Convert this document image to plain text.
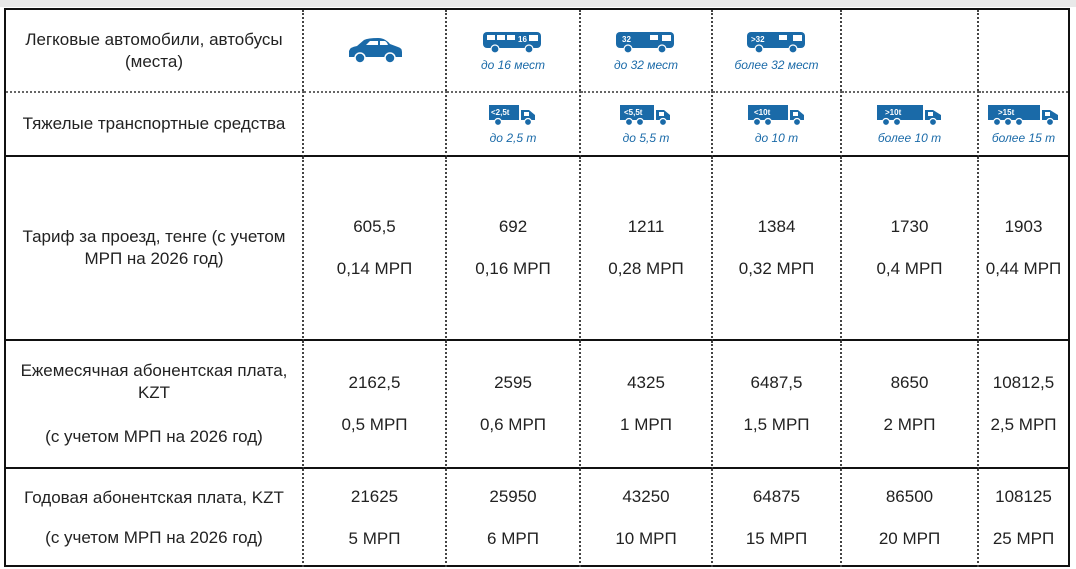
Легковые автомобили, автобусы (места)
16
до 16 мест
32
до 32 мест
>32
более 32 мест
Тяжелые транспортные средства
<2,5t
до 2,5 т
<5,5t
до 5,5 т
<10t
до 10 т
>10t
более 10 т
>15t
более 15 т
Тариф за проезд, тенге (с учетом
МРП на 2026 год)
605,5
0,14 МРП
692
0,16 МРП
1211
0,28 МРП
1384
0,32 МРП
1730
0,4 МРП
1903
0,44 МРП
Ежемесячная абонентская плата,
KZT
(с учетом МРП на 2026 год)
2162,5
0,5 МРП
2595
0,6 МРП
4325
1 МРП
6487,5
1,5 МРП
8650
2 МРП
10812,5
2,5 МРП
Годовая абонентская плата, KZT
(с учетом МРП на 2026 год)
21625
5 МРП
25950
6 МРП
43250
10 МРП
64875
15 МРП
86500
20 МРП
108125
25 МРП
